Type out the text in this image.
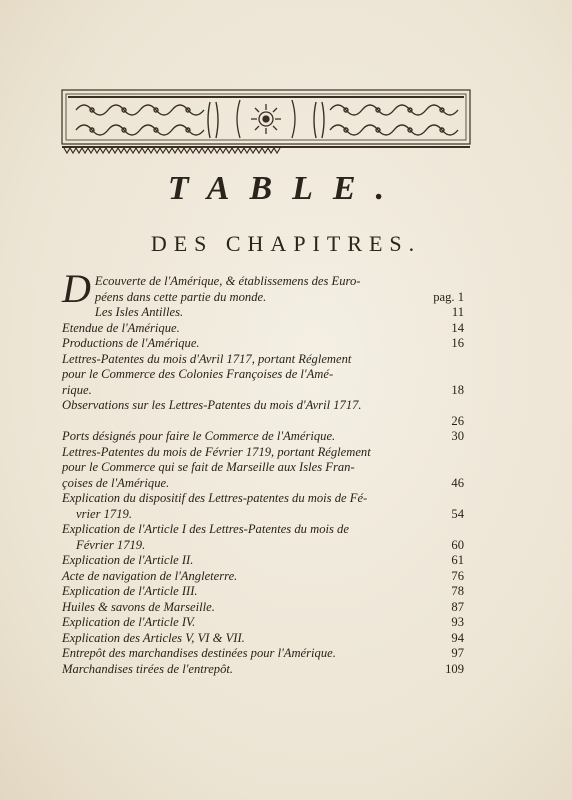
TABLE.
DES CHAPITRES.
D Ecouverte de l'Amérique, & établissemens des Euro-
péens dans cette partie du monde.	pag. 1
Les Isles Antilles.	11
Etendue de l'Amérique.	14
Productions de l'Amérique.	16
Lettres-Patentes du mois d'Avril 1717, portant Réglement
pour le Commerce des Colonies Françoises de l'Amé-
rique.	18
Observations sur les Lettres-Patentes du mois d'Avril 1717.
26
Ports désignés pour faire le Commerce de l'Amérique.	30
Lettres-Patentes du mois de Février 1719, portant Réglement
pour le Commerce qui se fait de Marseille aux Isles Fran-
çoises de l'Amérique.	46
Explication du dispositif des Lettres-patentes du mois de Fé-
vrier 1719.	54
Explication de l'Article I des Lettres-Patentes du mois de
Février 1719.	60
Explication de l'Article II.	61
Acte de navigation de l'Angleterre.	76
Explication de l'Article III.	78
Huiles & savons de Marseille.	87
Explication de l'Article IV.	93
Explication des Articles V, VI & VII.	94
Entrepôt des marchandises destinées pour l'Amérique.	97
Marchandises tirées de l'entrepôt.	109
